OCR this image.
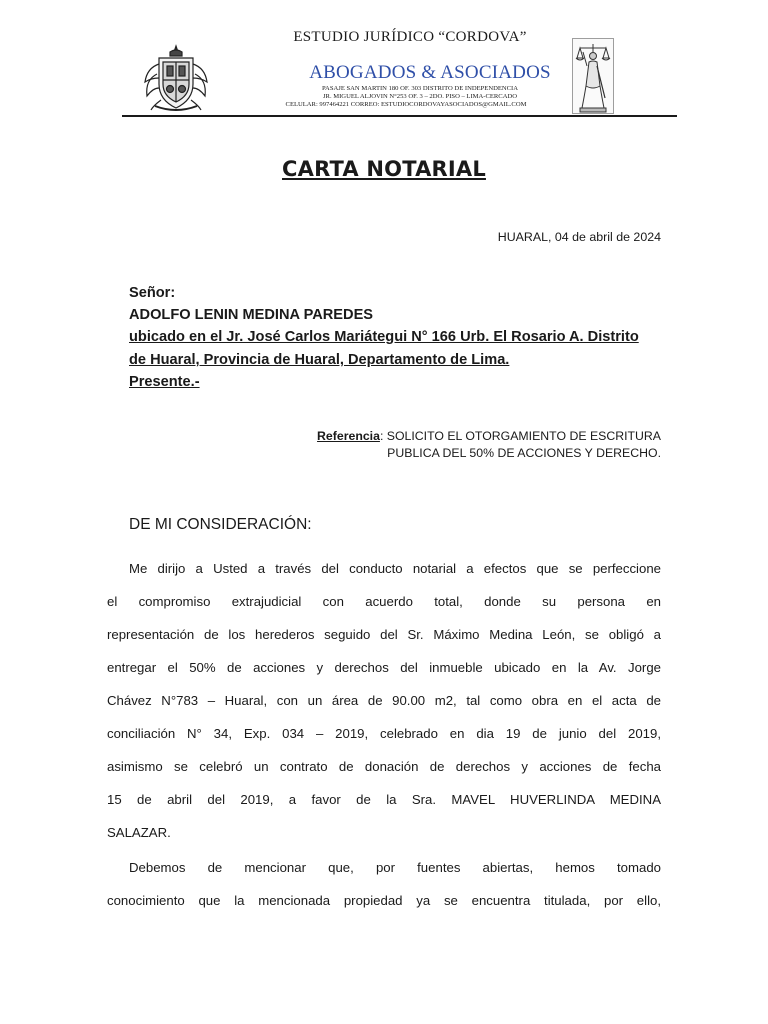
ESTUDIO JURÍDICO “CORDOVA”
ABOGADOS & ASOCIADOS
PASAJE SAN MARTIN 180 OF. 303 DISTRITO DE INDEPENDENCIA
JR. MIGUEL ALJOVIN N°253 OF. 3 – 2DO. PISO – LIMA-CERCADO
CELULAR: 997464221 CORREO: ESTUDIOCORDOVAYASOCIADOS@GMAIL.COM
CARTA NOTARIAL
HUARAL, 04 de abril de 2024
Señor:
ADOLFO LENIN MEDINA PAREDES
ubicado en el Jr. José Carlos Mariátegui N° 166 Urb. El Rosario A. Distrito
de Huaral, Provincia de Huaral, Departamento de Lima.
Presente.-
Referencia: SOLICITO EL OTORGAMIENTO DE ESCRITURA
PUBLICA DEL 50% DE ACCIONES Y DERECHO.
DE MI CONSIDERACIÓN:
Me dirijo a Usted a través del conducto notarial a efectos que se perfeccione
el compromiso extrajudicial con acuerdo total, donde su persona en
representación de los herederos seguido del Sr. Máximo Medina León, se obligó a
entregar el 50% de acciones y derechos del inmueble ubicado en la Av. Jorge
Chávez N°783 – Huaral, con un área de 90.00 m2, tal como obra en el acta de
conciliación N° 34, Exp. 034 – 2019, celebrado en dia 19 de junio del 2019,
asimismo se celebró un contrato de donación de derechos y acciones de fecha
15 de abril del 2019, a favor de la Sra. MAVEL HUVERLINDA MEDINA
SALAZAR.
Debemos de mencionar que, por fuentes abiertas, hemos tomado
conocimiento que la mencionada propiedad ya se encuentra titulada, por ello,
